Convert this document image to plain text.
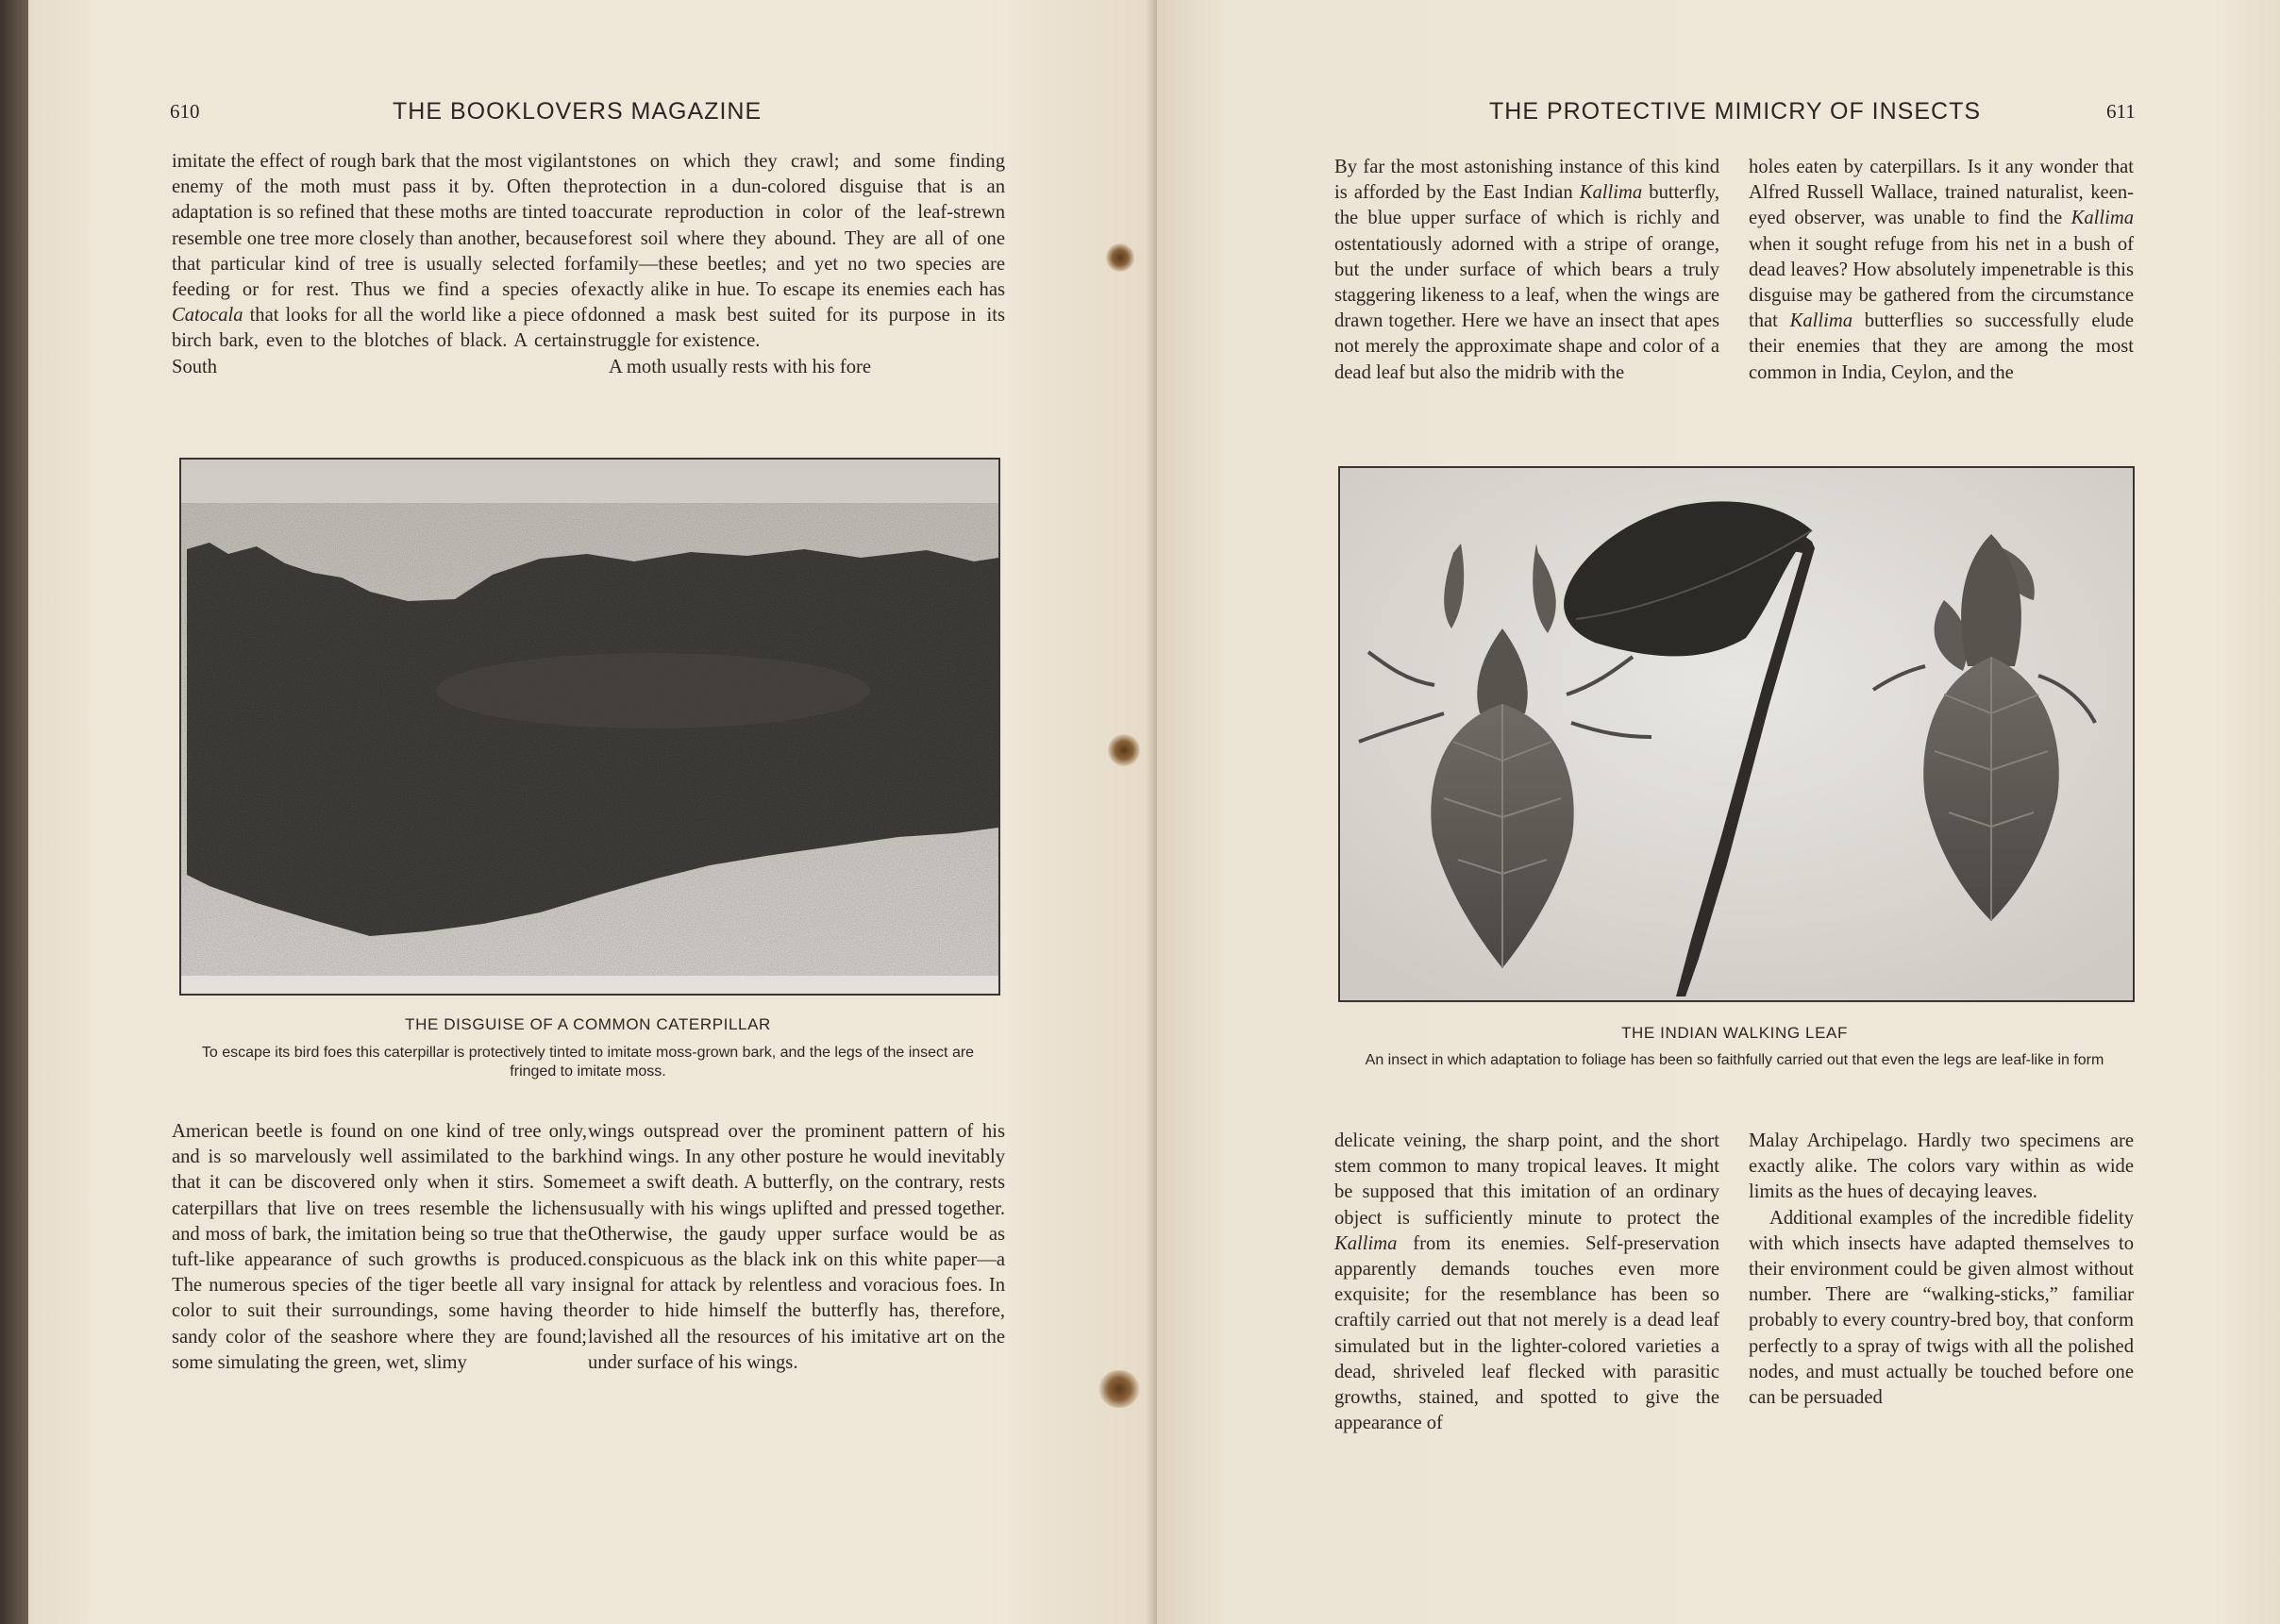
610	THE BOOKLOVERS MAGAZINE

imitate the effect of rough bark that the most vigilant enemy of the moth must pass it by. Often the adaptation is so refined that these moths are tinted to resemble one tree more closely than another, because that particular kind of tree is usually selected for feeding or for rest. Thus we find a species of Catocala that looks for all the world like a piece of birch bark, even to the blotches of black. A certain South

stones on which they crawl; and some finding protection in a dun-colored disguise that is an accurate reproduction in color of the leaf-strewn forest soil where they abound. They are all of one family—these beetles; and yet no two species are exactly alike in hue. To escape its enemies each has donned a mask best suited for its purpose in its struggle for existence.

A moth usually rests with his fore

THE DISGUISE OF A COMMON CATERPILLAR
To escape its bird foes this caterpillar is protectively tinted to imitate moss-grown bark, and the legs of the insect are fringed to imitate moss.

American beetle is found on one kind of tree only, and is so marvelously well assimilated to the bark that it can be discovered only when it stirs. Some caterpillars that live on trees resemble the lichens and moss of bark, the imitation being so true that the tuft-like appearance of such growths is produced. The numerous species of the tiger beetle all vary in color to suit their surroundings, some having the sandy color of the seashore where they are found; some simulating the green, wet, slimy

wings outspread over the prominent pattern of his hind wings. In any other posture he would inevitably meet a swift death. A butterfly, on the contrary, rests usually with his wings uplifted and pressed together. Otherwise, the gaudy upper surface would be as conspicuous as the black ink on this white paper—a signal for attack by relentless and voracious foes. In order to hide himself the butterfly has, therefore, lavished all the resources of his imitative art on the under surface of his wings.

THE PROTECTIVE MIMICRY OF INSECTS	611

By far the most astonishing instance of this kind is afforded by the East Indian Kallima butterfly, the blue upper surface of which is richly and ostentatiously adorned with a stripe of orange, but the under surface of which bears a truly staggering likeness to a leaf, when the wings are drawn together. Here we have an insect that apes not merely the approximate shape and color of a dead leaf but also the midrib with the

holes eaten by caterpillars. Is it any wonder that Alfred Russell Wallace, trained naturalist, keen-eyed observer, was unable to find the Kallima when it sought refuge from his net in a bush of dead leaves? How absolutely impenetrable is this disguise may be gathered from the circumstance that Kallima butterflies so successfully elude their enemies that they are among the most common in India, Ceylon, and the

THE INDIAN WALKING LEAF
An insect in which adaptation to foliage has been so faithfully carried out that even the legs are leaf-like in form

delicate veining, the sharp point, and the short stem common to many tropical leaves. It might be supposed that this imitation of an ordinary object is sufficiently minute to protect the Kallima from its enemies. Self-preservation apparently demands touches even more exquisite; for the resemblance has been so craftily carried out that not merely is a dead leaf simulated but in the lighter-colored varieties a dead, shriveled leaf flecked with parasitic growths, stained, and spotted to give the appearance of

Malay Archipelago. Hardly two specimens are exactly alike. The colors vary within as wide limits as the hues of decaying leaves.

Additional examples of the incredible fidelity with which insects have adapted themselves to their environment could be given almost without number. There are “walking-sticks,” familiar probably to every country-bred boy, that conform perfectly to a spray of twigs with all the polished nodes, and must actually be touched before one can be persuaded
